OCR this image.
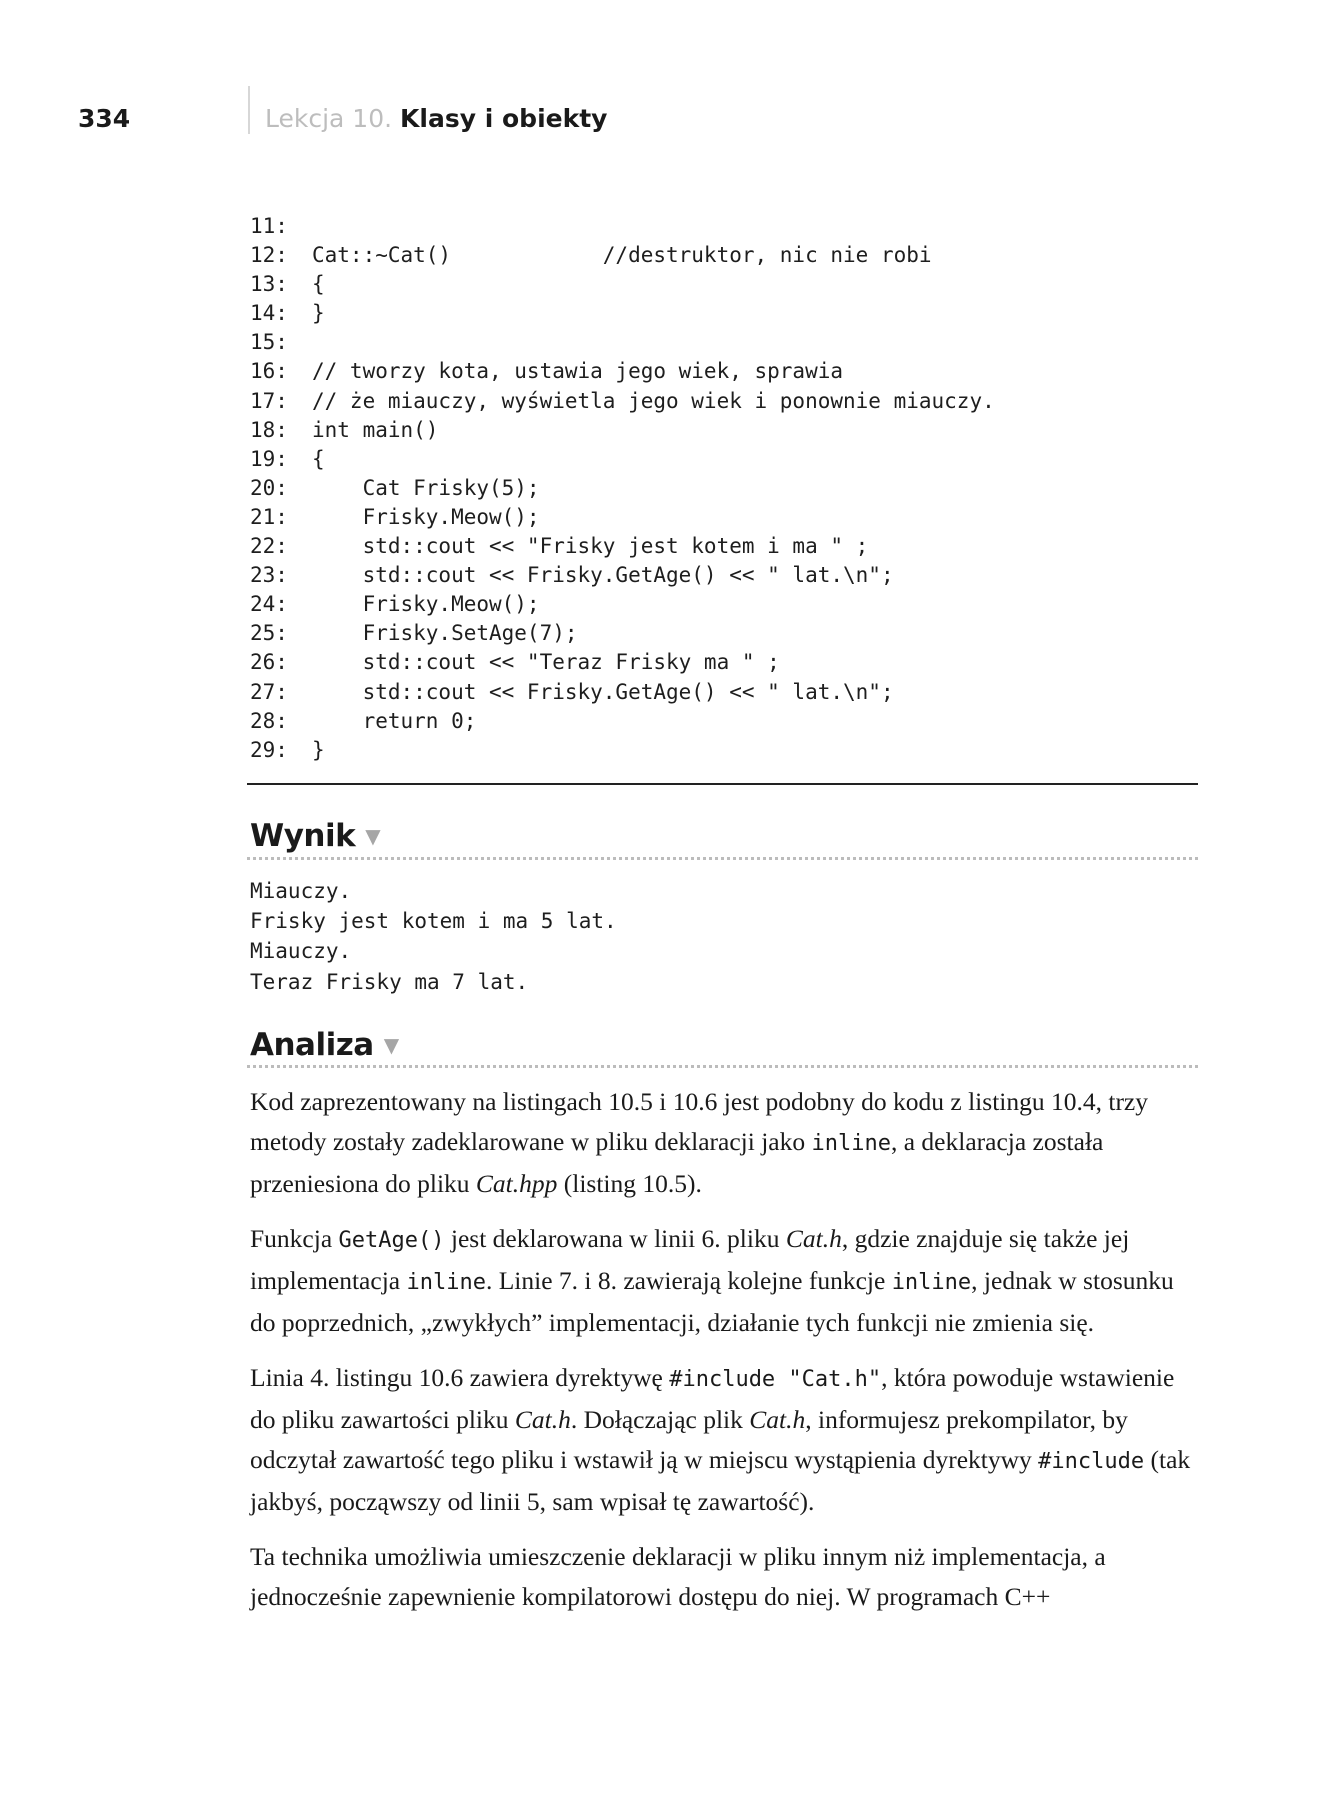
334	Lekcja 10. Klasy i obiekty
11:
12: Cat::~Cat()            //destruktor, nic nie robi
13: {
14: }
15:
16: // tworzy kota, ustawia jego wiek, sprawia
17: // że miauczy, wyświetla jego wiek i ponownie miauczy.
18: int main()
19: {
20:    Cat Frisky(5);
21:    Frisky.Meow();
22:    std::cout << "Frisky jest kotem i ma " ;
23:    std::cout << Frisky.GetAge() << " lat.\n";
24:    Frisky.Meow();
25:    Frisky.SetAge(7);
26:    std::cout << "Teraz Frisky ma " ;
27:    std::cout << Frisky.GetAge() << " lat.\n";
28:    return 0;
29: }
Wynik ▼
Miauczy.
Frisky jest kotem i ma 5 lat.
Miauczy.
Teraz Frisky ma 7 lat.
Analiza ▼

Kod zaprezentowany na listingach 10.5 i 10.6 jest podobny do kodu z listingu 10.4, trzy metody zostały zadeklarowane w pliku deklaracji jako inline, a deklaracja została przeniesiona do pliku Cat.hpp (listing 10.5).

Funkcja GetAge() jest deklarowana w linii 6. pliku Cat.h, gdzie znajduje się także jej implementacja inline. Linie 7. i 8. zawierają kolejne funkcje inline, jednak w stosunku do poprzednich, „zwykłych” implementacji, działanie tych funkcji nie zmienia się.

Linia 4. listingu 10.6 zawiera dyrektywę #include "Cat.h", która powoduje wstawienie do pliku zawartości pliku Cat.h. Dołączając plik Cat.h, informujesz prekompilator, by odczytał zawartość tego pliku i wstawił ją w miejscu wystąpienia dyrektywy #include (tak jakbyś, począwszy od linii 5, sam wpisał tę zawartość).

Ta technika umożliwia umieszczenie deklaracji w pliku innym niż implementacja, a jednocześnie zapewnienie kompilatorowi dostępu do niej. W programach C++
